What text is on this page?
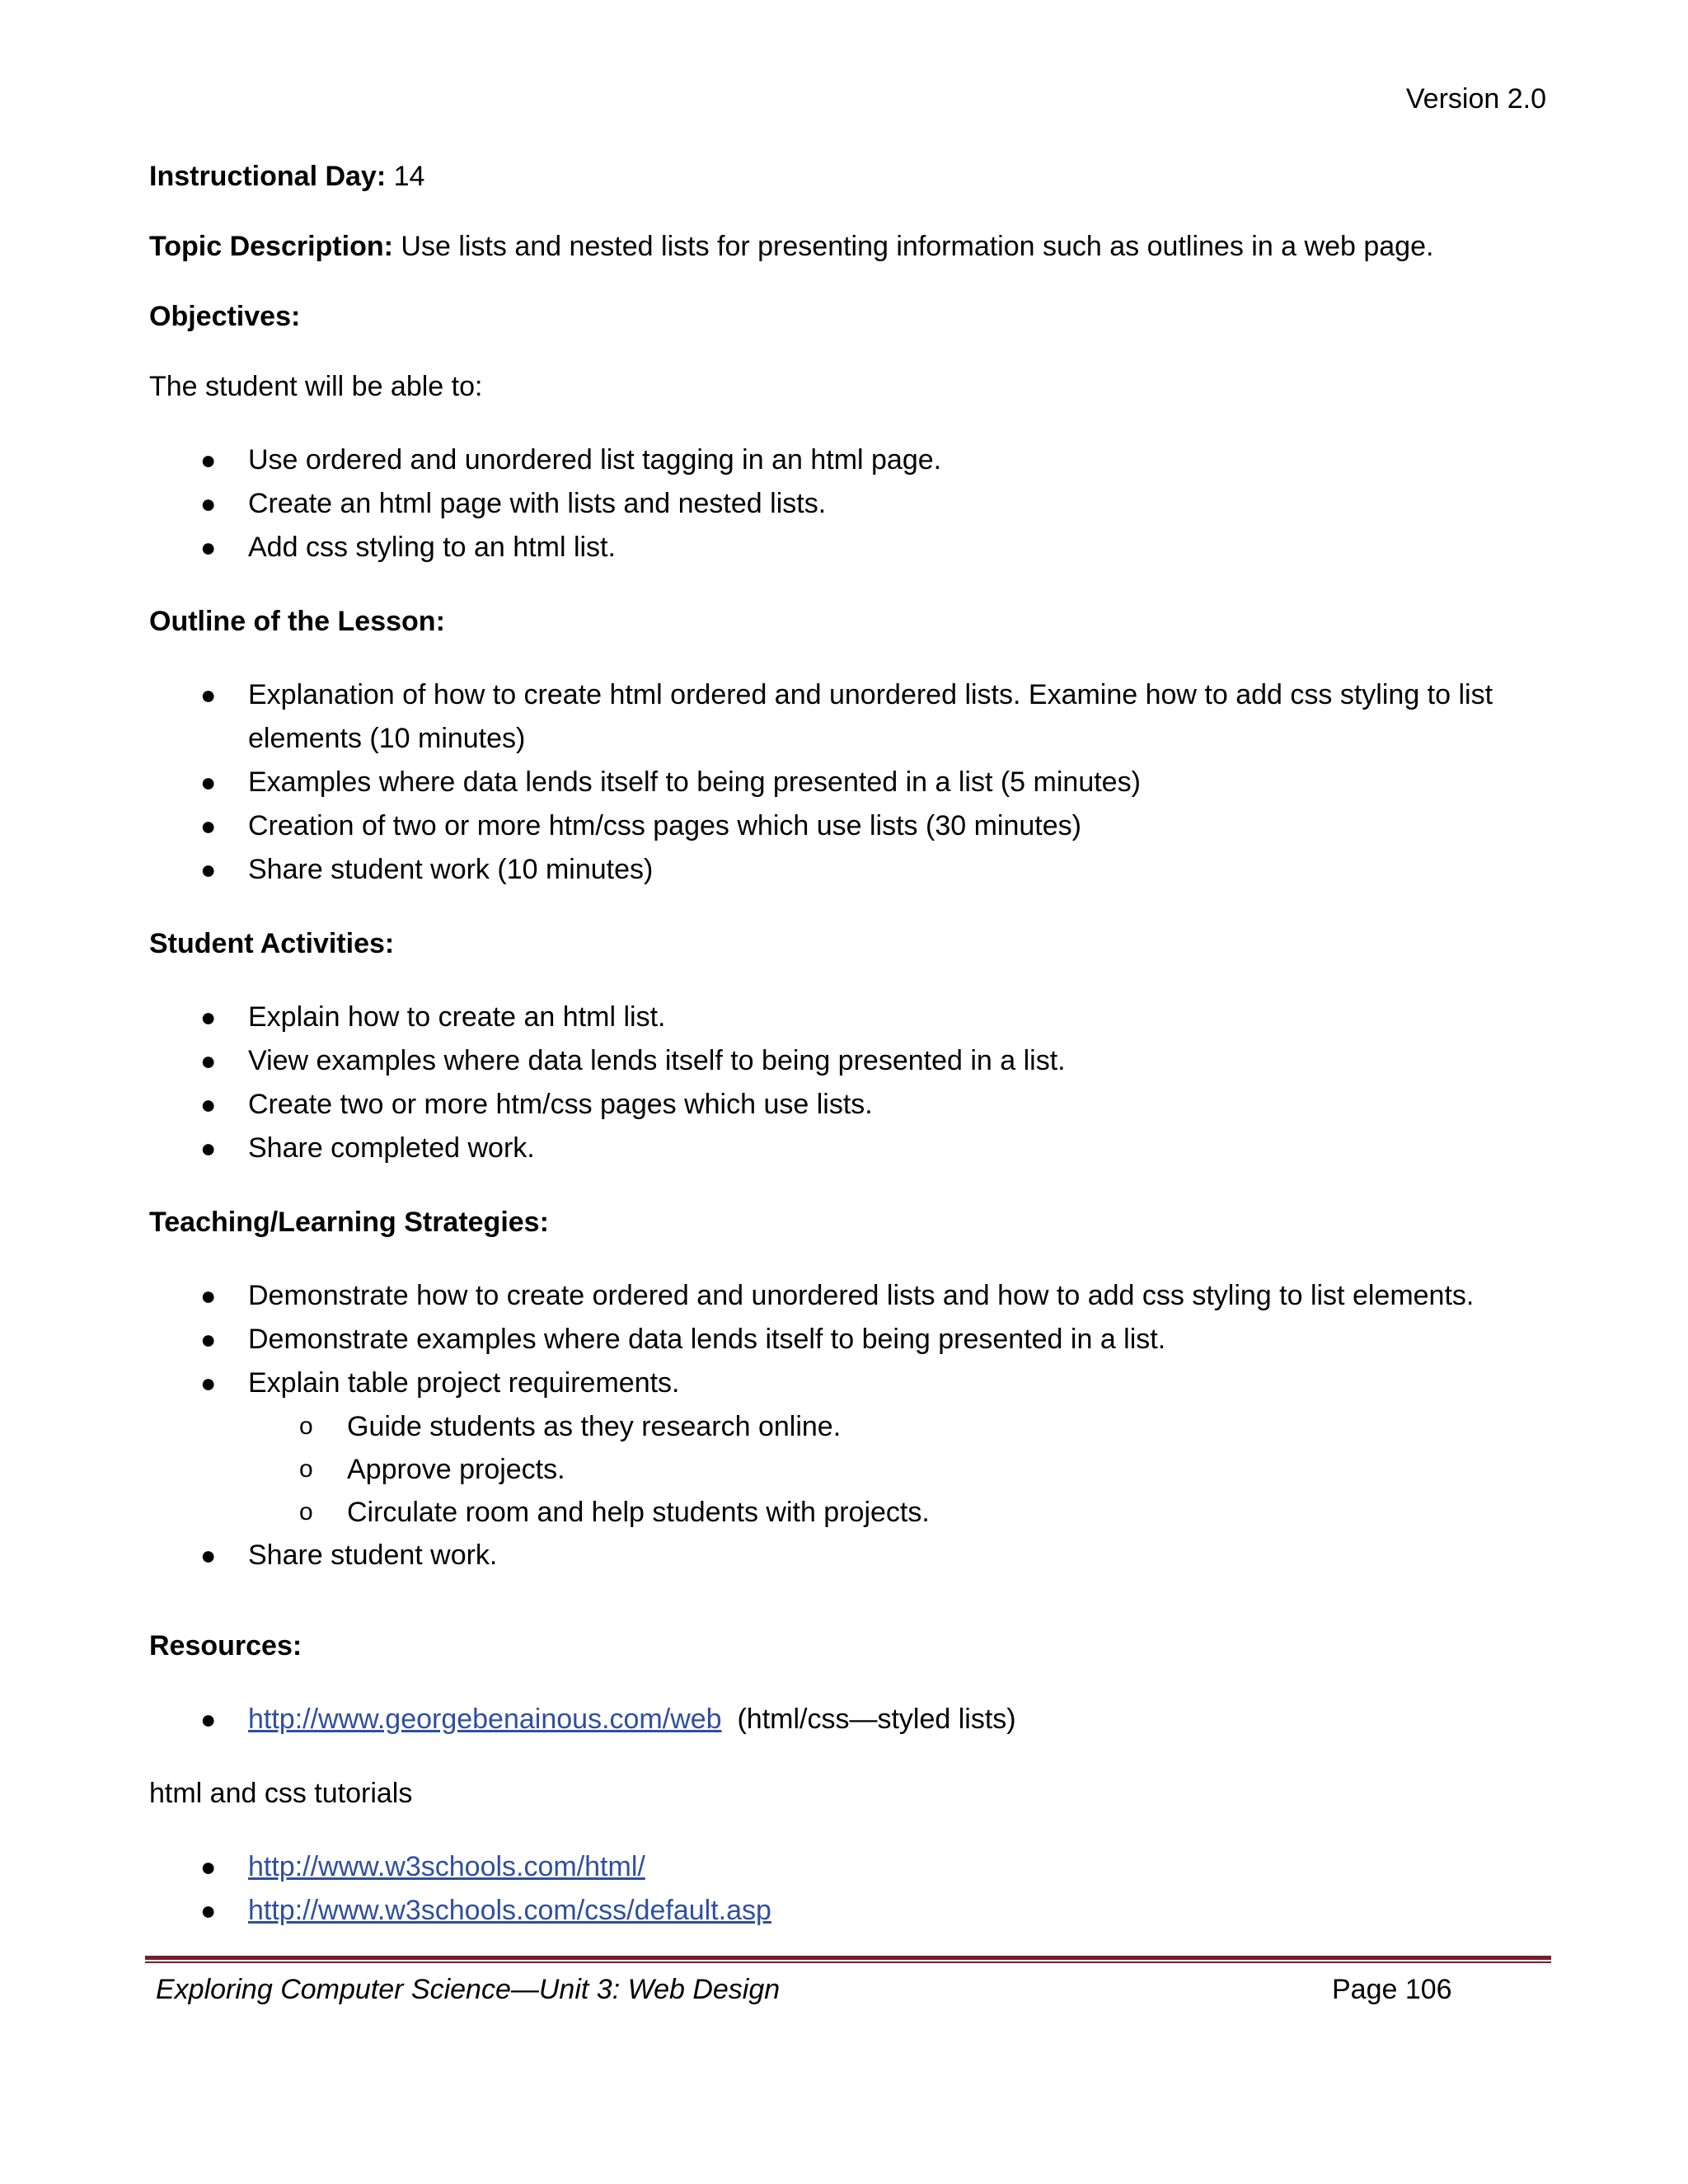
Version 2.0

Instructional Day: 14

Topic Description: Use lists and nested lists for presenting information such as outlines in a web page.

Objectives:

The student will be able to:

● Use ordered and unordered list tagging in an html page.
● Create an html page with lists and nested lists.
● Add css styling to an html list.

Outline of the Lesson:

● Explanation of how to create html ordered and unordered lists. Examine how to add css styling to list elements (10 minutes)
● Examples where data lends itself to being presented in a list (5 minutes)
● Creation of two or more htm/css pages which use lists (30 minutes)
● Share student work (10 minutes)

Student Activities:

● Explain how to create an html list.
● View examples where data lends itself to being presented in a list.
● Create two or more htm/css pages which use lists.
● Share completed work.

Teaching/Learning Strategies:

● Demonstrate how to create ordered and unordered lists and how to add css styling to list elements.
● Demonstrate examples where data lends itself to being presented in a list.
● Explain table project requirements.
o Guide students as they research online.
o Approve projects.
o Circulate room and help students with projects.
● Share student work.

Resources:

● http://www.georgebenainous.com/web (html/css—styled lists)

html and css tutorials

● http://www.w3schools.com/html/
● http://www.w3schools.com/css/default.asp
Exploring Computer Science—Unit 3: Web Design	Page 106
